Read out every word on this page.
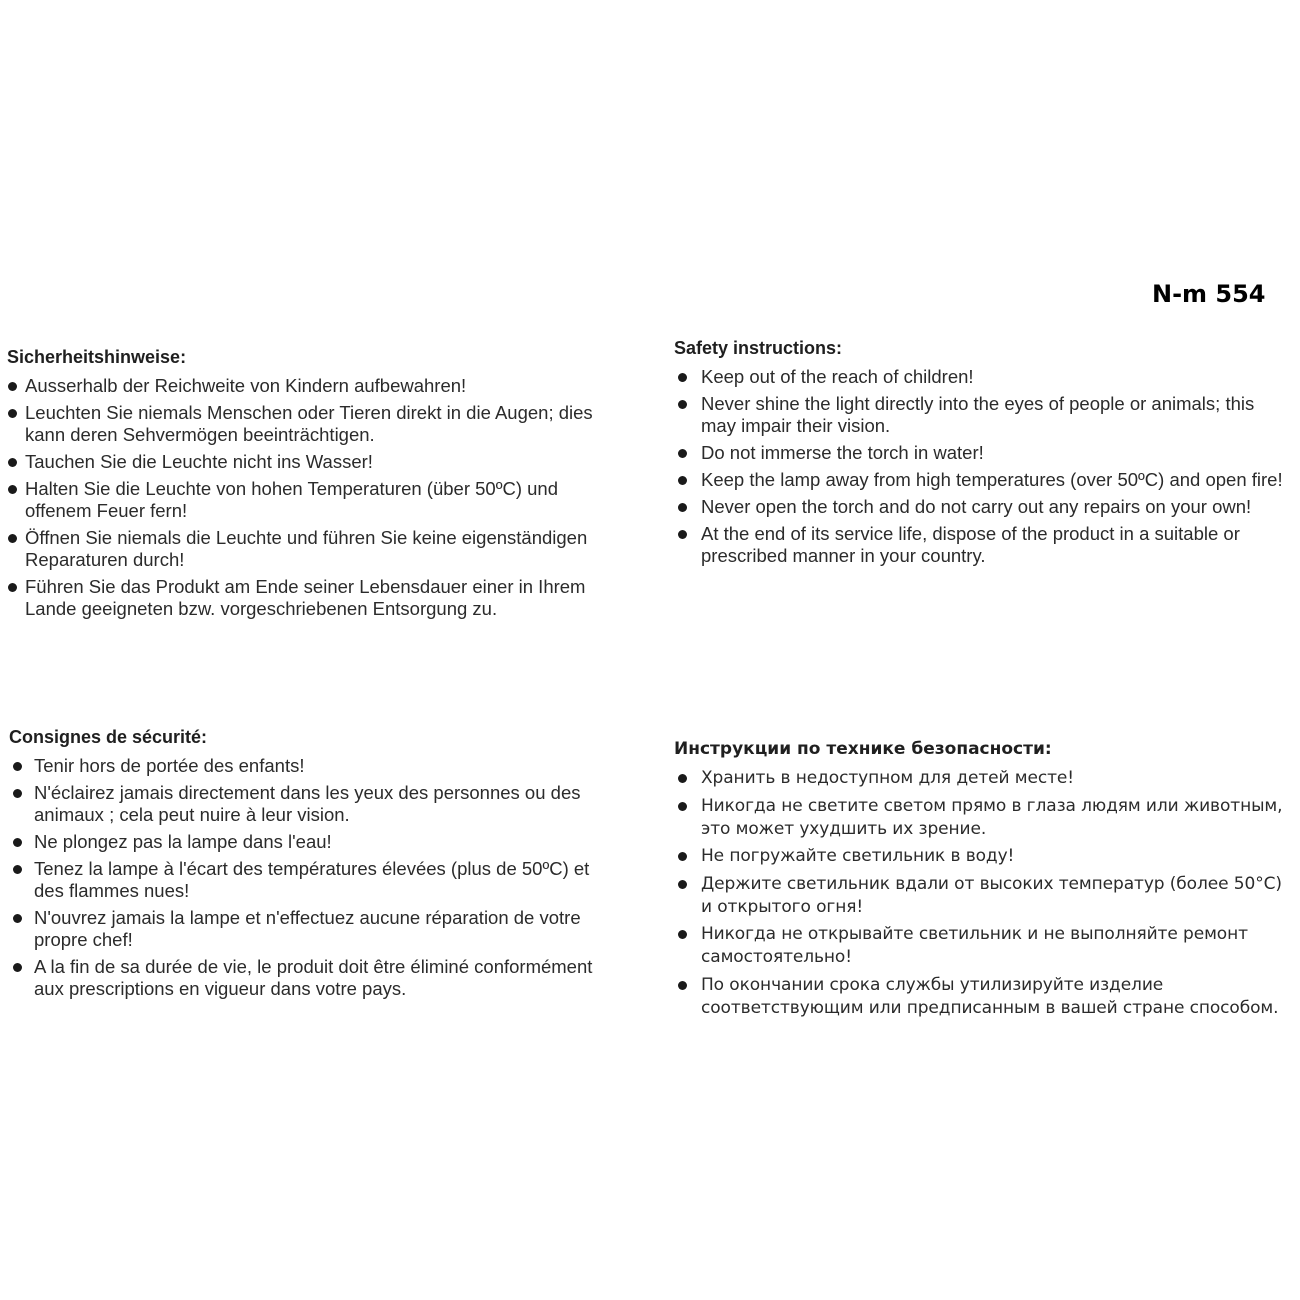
N-m 554
Sicherheitshinweise:
Ausserhalb der Reichweite von Kindern aufbewahren!
Leuchten Sie niemals Menschen oder Tieren direkt in die Augen; dies kann deren Sehvermögen beeinträchtigen.
Tauchen Sie die Leuchte nicht ins Wasser!
Halten Sie die Leuchte von hohen Temperaturen (über 50ºC) und offenem Feuer fern!
Öffnen Sie niemals die Leuchte und führen Sie keine eigenständigen Reparaturen durch!
Führen Sie das Produkt am Ende seiner Lebensdauer einer in Ihrem Lande geeigneten bzw. vorgeschriebenen Entsorgung zu.
Safety instructions:
Keep out of the reach of children!
Never shine the light directly into the eyes of people or animals; this may impair their vision.
Do not immerse the torch in water!
Keep the lamp away from high temperatures (over 50ºC) and open fire!
Never open the torch and do not carry out any repairs on your own!
At the end of its service life, dispose of the product in a suitable or prescribed manner in your country.
Consignes de sécurité:
Tenir hors de portée des enfants!
N'éclairez jamais directement dans les yeux des personnes ou des animaux ; cela peut nuire à leur vision.
Ne plongez pas la lampe dans l'eau!
Tenez la lampe à l'écart des températures élevées (plus de 50ºC) et des flammes nues!
N'ouvrez jamais la lampe et n'effectuez aucune réparation de votre propre chef!
A la fin de sa durée de vie, le produit doit être éliminé conformément aux prescriptions en vigueur dans votre pays.
Инструкции по технике безопасности:
Хранить в недоступном для детей месте!
Никогда не светите светом прямо в глаза людям или животным, это может ухудшить их зрение.
Не погружайте светильник в воду!
Держите светильник вдали от высоких температур (более 50°C) и открытого огня!
Никогда не открывайте светильник и не выполняйте ремонт самостоятельно!
По окончании срока службы утилизируйте изделие соответствующим или предписанным в вашей стране способом.
